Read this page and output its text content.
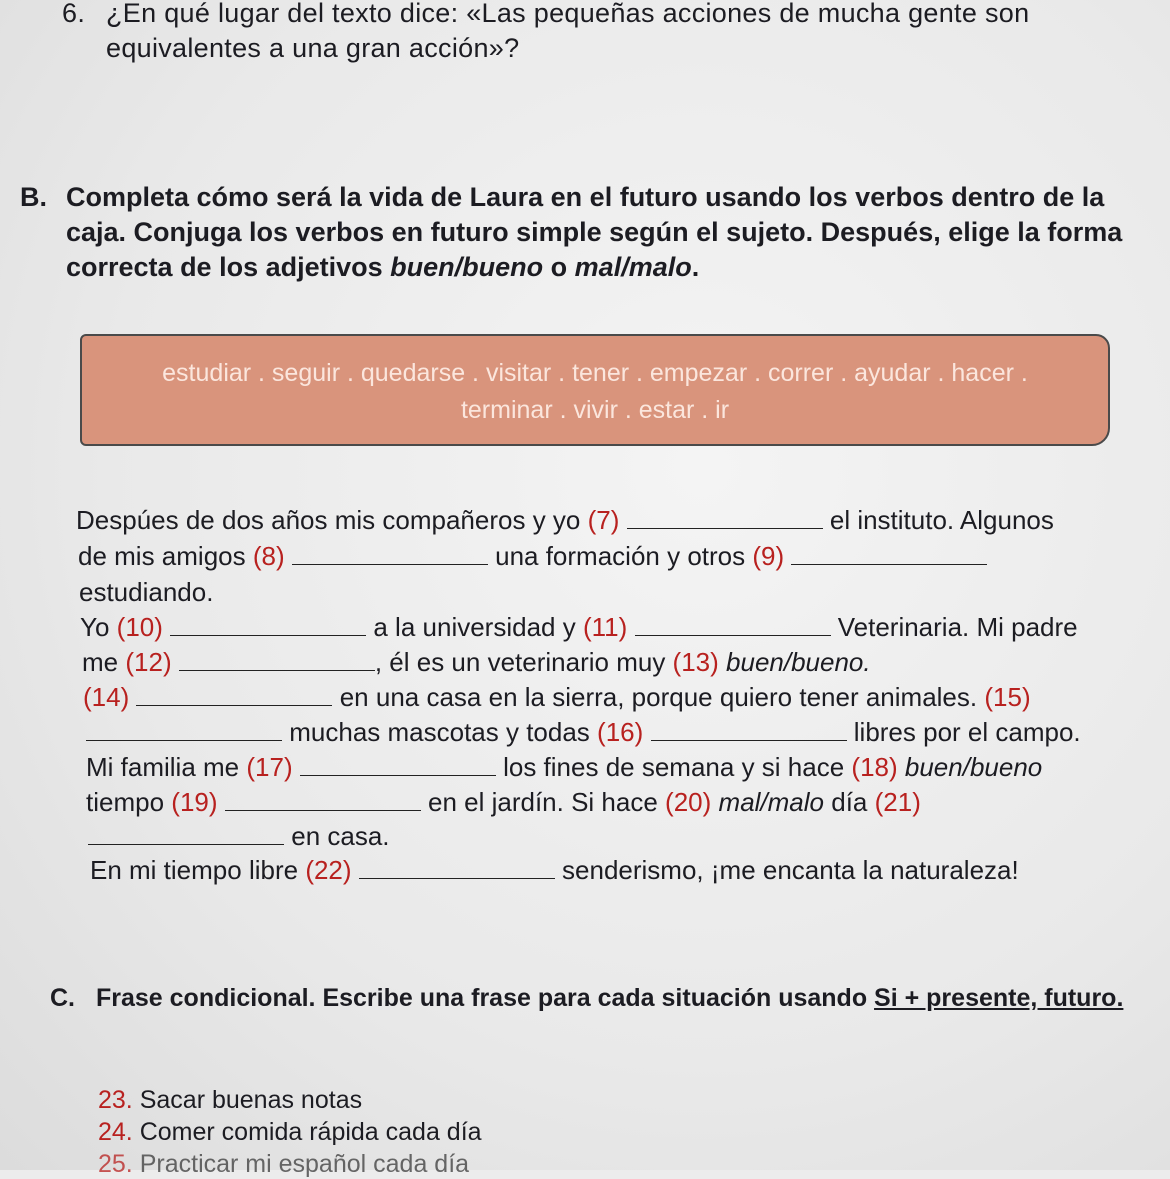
6. ¿En qué lugar del texto dice: «Las pequeñas acciones de mucha gente son equivalentes a una gran acción»?
B. Completa cómo será la vida de Laura en el futuro usando los verbos dentro de la caja. Conjuga los verbos en futuro simple según el sujeto. Después, elige la forma correcta de los adjetivos buen/bueno o mal/malo.
estudiar . seguir . quedarse . visitar . tener . empezar . correr . ayudar . hacer .
terminar . vivir . estar . ir
Despúes de dos años mis compañeros y yo (7)	el instituto. Algunos
de mis amigos (8)	una formación y otros (9)
estudiando.
Yo (10)	a la universidad y (11)	Veterinaria. Mi padre
me (12)	, él es un veterinario muy (13) buen/bueno.
(14)	en una casa en la sierra, porque quiero tener animales. (15)
muchas mascotas y todas (16)	libres por el campo.
Mi familia me (17)	los fines de semana y si hace (18) buen/bueno
tiempo (19)	en el jardín. Si hace (20) mal/malo día (21)
en casa.
En mi tiempo libre (22)	senderismo, ¡me encanta la naturaleza!
C. Frase condicional. Escribe una frase para cada situación usando Si + presente, futuro.
23. Sacar buenas notas
24. Comer comida rápida cada día
25. Practicar mi español cada día
